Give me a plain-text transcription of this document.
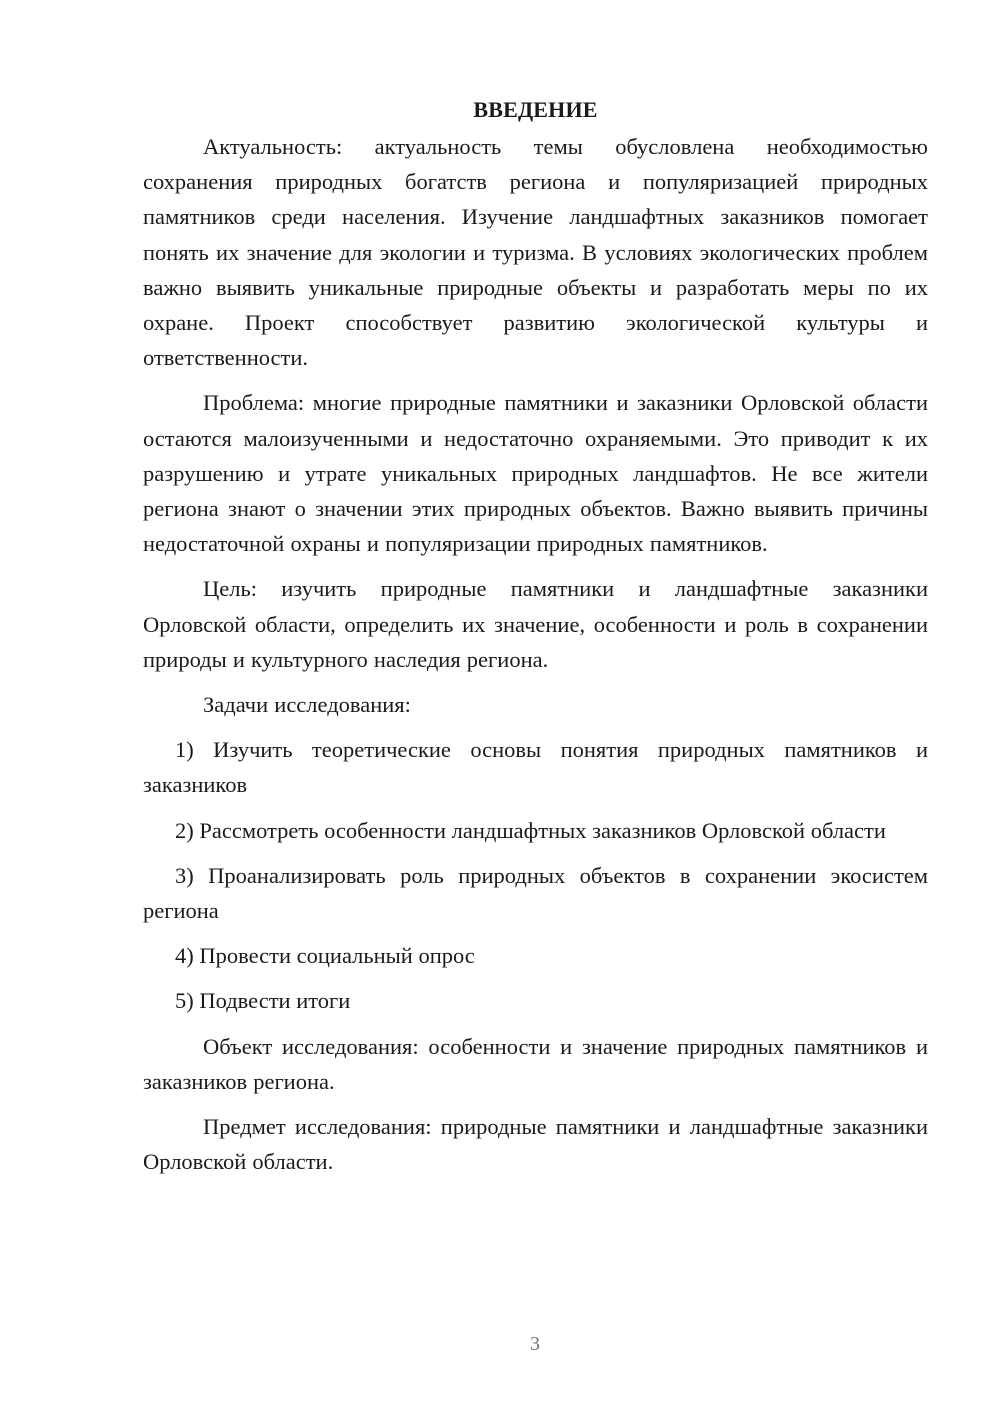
ВВЕДЕНИЕ

Актуальность: актуальность темы обусловлена необходимостью сохранения природных богатств региона и популяризацией природных памятников среди населения. Изучение ландшафтных заказников помогает понять их значение для экологии и туризма. В условиях экологических проблем важно выявить уникальные природные объекты и разработать меры по их охране. Проект способствует развитию экологической культуры и ответственности.

Проблема: многие природные памятники и заказники Орловской области остаются малоизученными и недостаточно охраняемыми. Это приводит к их разрушению и утрате уникальных природных ландшафтов. Не все жители региона знают о значении этих природных объектов. Важно выявить причины недостаточной охраны и популяризации природных памятников.

Цель: изучить природные памятники и ландшафтные заказники Орловской области, определить их значение, особенности и роль в сохранении природы и культурного наследия региона.

Задачи исследования:

1) Изучить теоретические основы понятия природных памятников и заказников

2) Рассмотреть особенности ландшафтных заказников Орловской области

3) Проанализировать роль природных объектов в сохранении экосистем региона

4) Провести социальный опрос

5) Подвести итоги

Объект исследования: особенности и значение природных памятников и заказников региона.

Предмет исследования: природные памятники и ландшафтные заказники Орловской области.

3
